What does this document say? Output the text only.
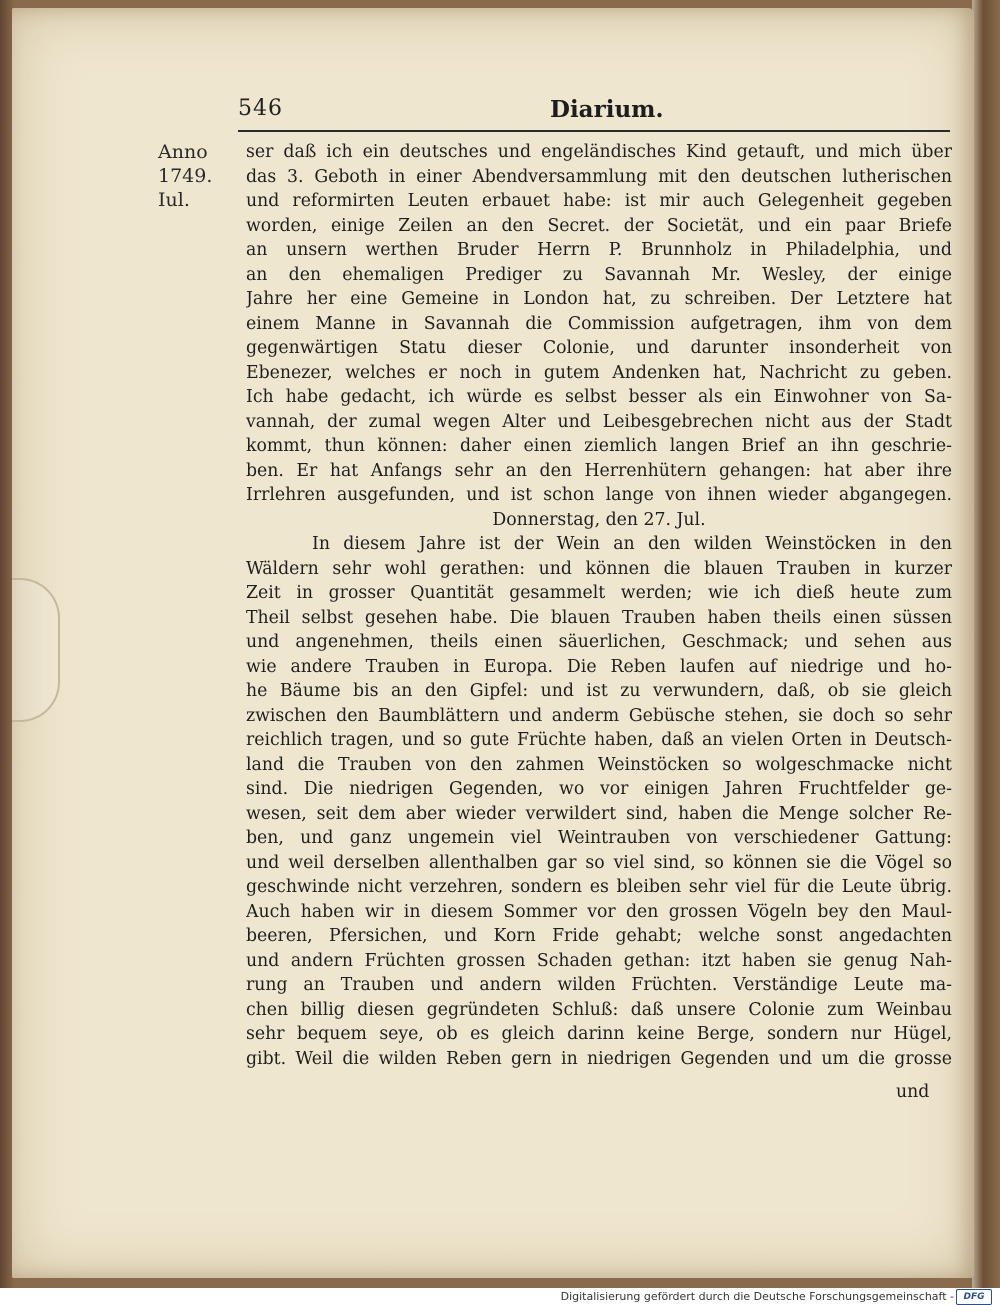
546	Diarium.
Anno
1749.
Iul.
ser daß ich ein deutsches und engeländisches Kind getauft, und mich über
das 3. Geboth in einer Abendversammlung mit den deutschen lutherischen
und reformirten Leuten erbauet habe: ist mir auch Gelegenheit gegeben
worden, einige Zeilen an den Secret. der Societät, und ein paar Briefe
an unsern werthen Bruder Herrn P. Brunnholz in Philadelphia, und
an den ehemaligen Prediger zu Savannah Mr. Wesley, der einige
Jahre her eine Gemeine in London hat, zu schreiben. Der Letztere hat
einem Manne in Savannah die Commission aufgetragen, ihm von dem
gegenwärtigen Statu dieser Colonie, und darunter insonderheit von
Ebenezer, welches er noch in gutem Andenken hat, Nachricht zu geben.
Ich habe gedacht, ich würde es selbst besser als ein Einwohner von Sa-
vannah, der zumal wegen Alter und Leibesgebrechen nicht aus der Stadt
kommt, thun können: daher einen ziemlich langen Brief an ihn geschrie-
ben. Er hat Anfangs sehr an den Herrenhütern gehangen: hat aber ihre
Irrlehren ausgefunden, und ist schon lange von ihnen wieder abgangegen.
Donnerstag, den 27. Jul.
In diesem Jahre ist der Wein an den wilden Weinstöcken in den
Wäldern sehr wohl gerathen: und können die blauen Trauben in kurzer
Zeit in grosser Quantität gesammelt werden; wie ich dieß heute zum
Theil selbst gesehen habe. Die blauen Trauben haben theils einen süssen
und angenehmen, theils einen säuerlichen, Geschmack; und sehen aus
wie andere Trauben in Europa. Die Reben laufen auf niedrige und ho-
he Bäume bis an den Gipfel: und ist zu verwundern, daß, ob sie gleich
zwischen den Baumblättern und anderm Gebüsche stehen, sie doch so sehr
reichlich tragen, und so gute Früchte haben, daß an vielen Orten in Deutsch-
land die Trauben von den zahmen Weinstöcken so wolgeschmacke nicht
sind. Die niedrigen Gegenden, wo vor einigen Jahren Fruchtfelder ge-
wesen, seit dem aber wieder verwildert sind, haben die Menge solcher Re-
ben, und ganz ungemein viel Weintrauben von verschiedener Gattung:
und weil derselben allenthalben gar so viel sind, so können sie die Vögel so
geschwinde nicht verzehren, sondern es bleiben sehr viel für die Leute übrig.
Auch haben wir in diesem Sommer vor den grossen Vögeln bey den Maul-
beeren, Pfersichen, und Korn Fride gehabt; welche sonst angedachten
und andern Früchten grossen Schaden gethan: itzt haben sie genug Nah-
rung an Trauben und andern wilden Früchten. Verständige Leute ma-
chen billig diesen gegründeten Schluß: daß unsere Colonie zum Weinbau
sehr bequem seye, ob es gleich darinn keine Berge, sondern nur Hügel,
gibt. Weil die wilden Reben gern in niedrigen Gegenden und um die grosse
und
Digitalisierung gefördert durch die Deutsche Forschungsgemeinschaft -	DFG
